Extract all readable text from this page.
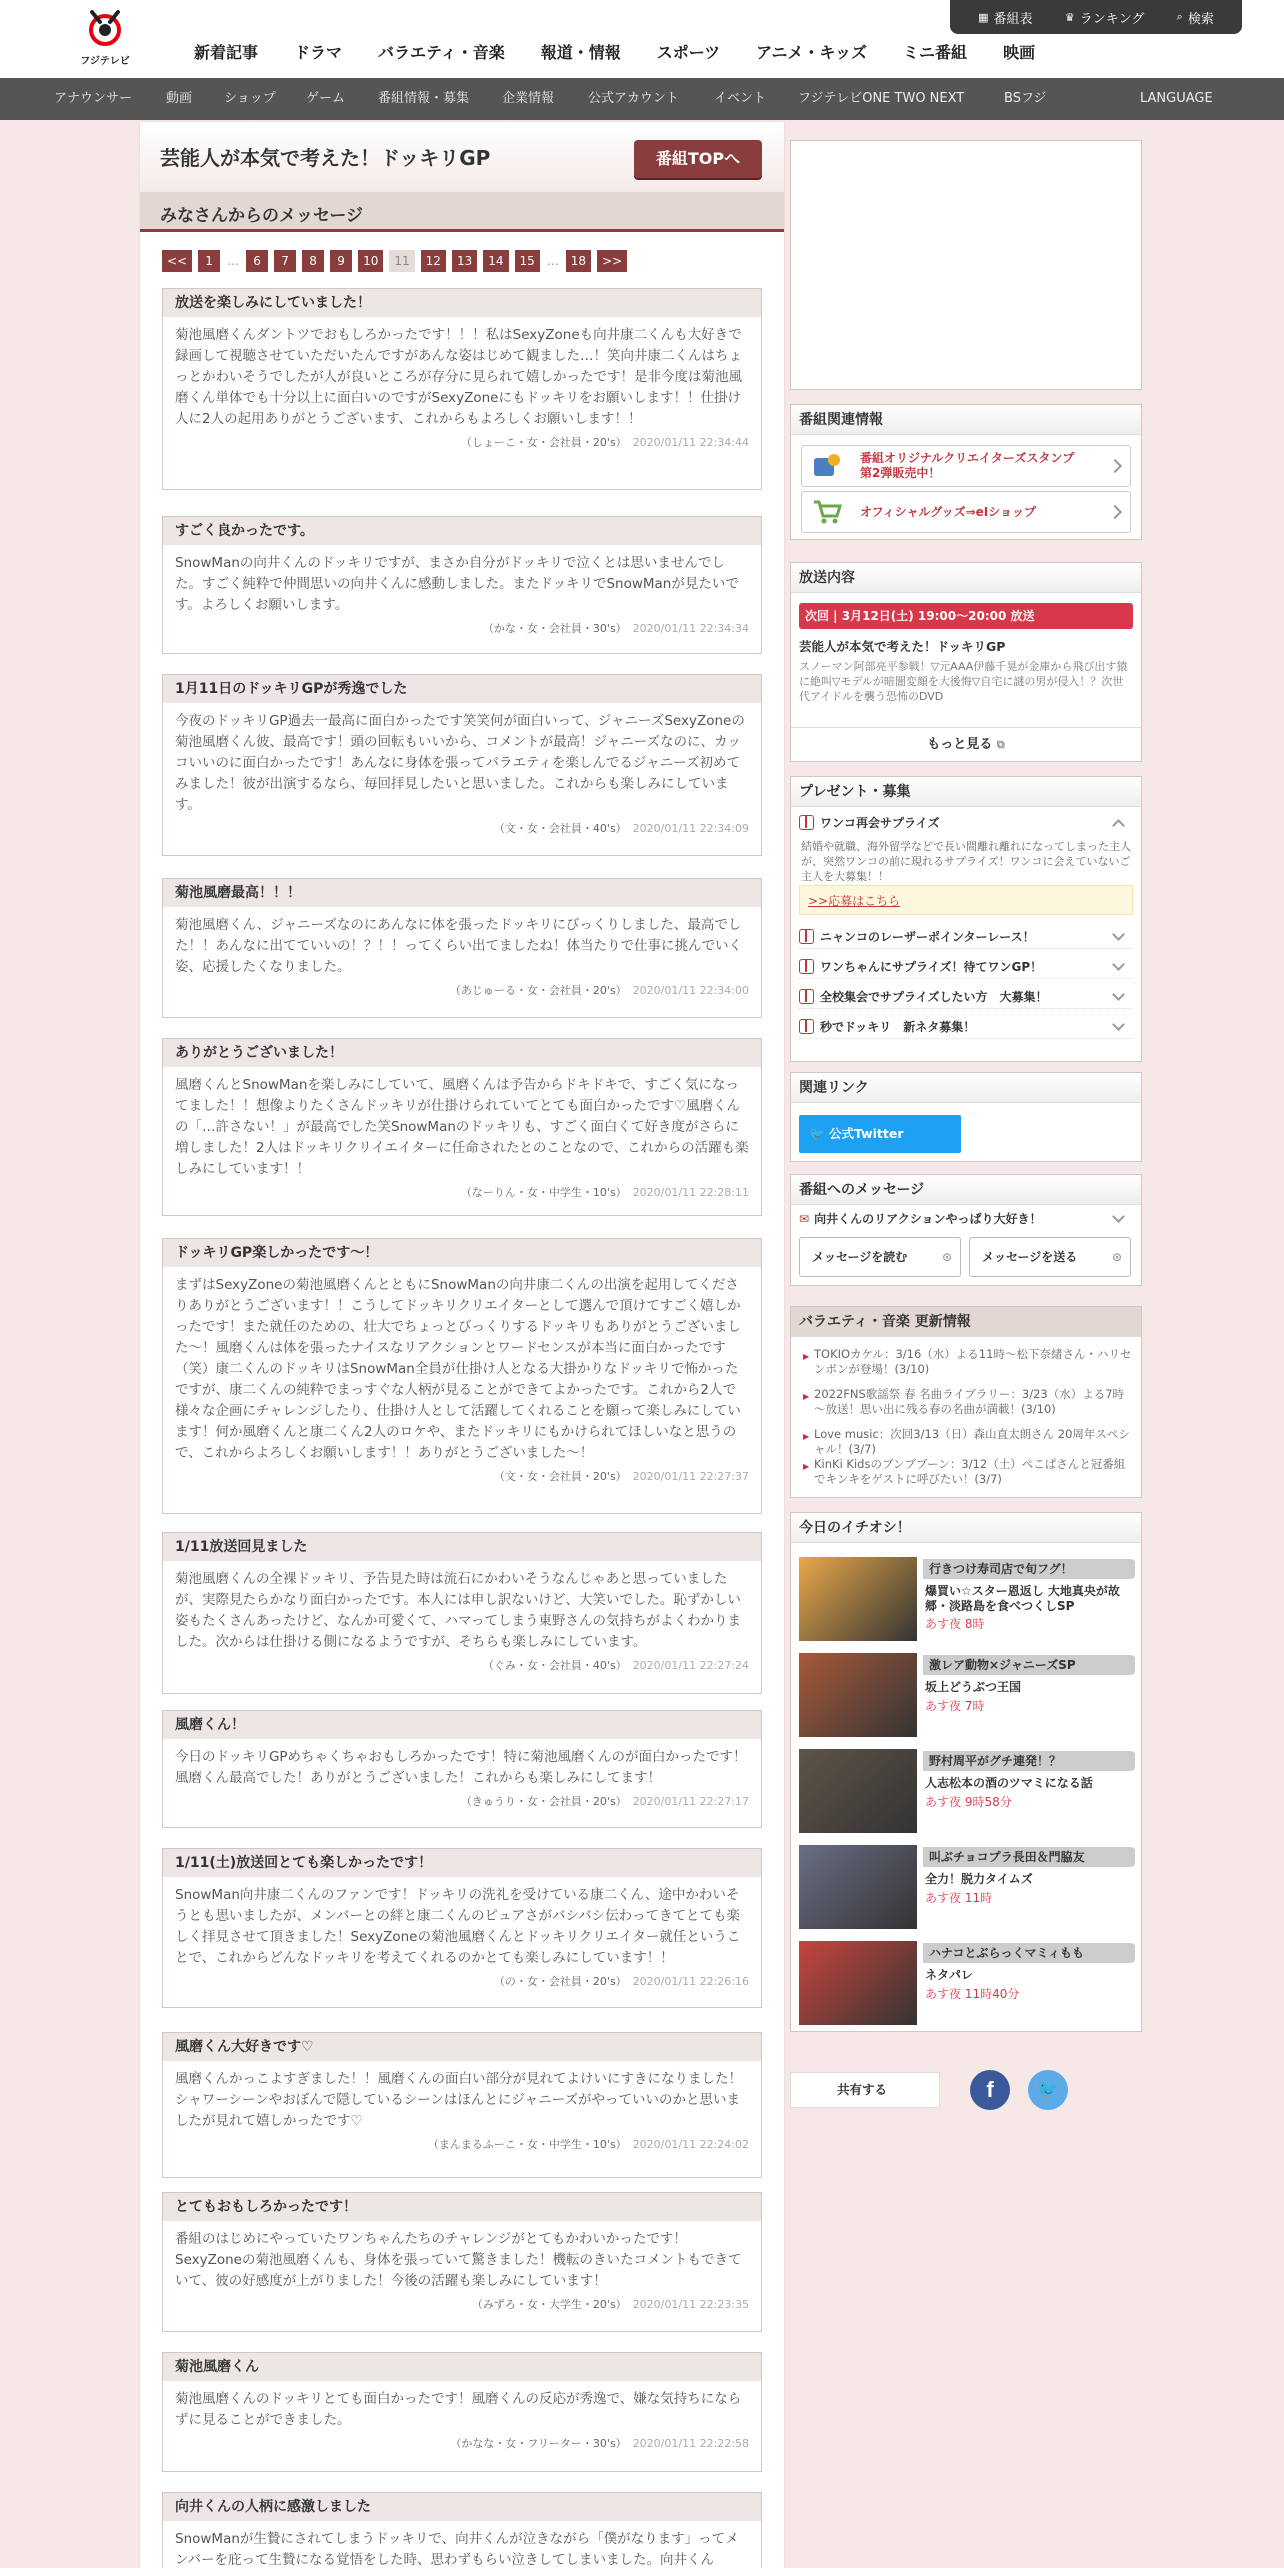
フジテレビ
▦ 番組表	♛ ランキング	⌕ 検索
新着記事	ドラマ	バラエティ・音楽	報道・情報	スポーツ	アニメ・キッズ	ミニ番組	映画
アナウンサー	動画 ショップ ゲーム	番組情報・募集	企業情報	公式アカウント	イベント フジテレビONE TWO NEXT	BSフジ	LANGUAGE
芸能人が本気で考えた！ドッキリGP	番組TOPへ
みなさんからのメッセージ
<<	1	…	6	7	8	9	10	11	12	13	14	15	…	18	>>
放送を楽しみにしていました！
菊池風磨くんダントツでおもしろかったです！！！私はSexyZoneも向井康二くんも大好きで録画して視聴させていただいたんですがあんな姿はじめて観ました…！笑向井康二くんはちょっとかわいそうでしたが人が良いところが存分に見られて嬉しかったです！是非今度は菊池風磨くん単体でも十分以上に面白いのですがSexyZoneにもドッキリをお願いします！！仕掛け人に2人の起用ありがとうございます、これからもよろしくお願いします！！
（しょーこ・女・会社員・20's） 2020/01/11 22:34:44
すごく良かったです。
SnowManの向井くんのドッキリですが、まさか自分がドッキリで泣くとは思いませんでした。すごく純粋で仲間思いの向井くんに感動しました。またドッキリでSnowManが見たいです。よろしくお願いします。
（かな・女・会社員・30's） 2020/01/11 22:34:34
1月11日のドッキリGPが秀逸でした
今夜のドッキリGP過去一最高に面白かったです笑笑何が面白いって、ジャニーズSexyZoneの菊池風磨くん彼、最高です！頭の回転もいいから、コメントが最高！ジャニーズなのに、カッコいいのに面白かったです！あんなに身体を張ってバラエティを楽しんでるジャニーズ初めてみました！彼が出演するなら、毎回拝見したいと思いました。これからも楽しみにしています。
（文・女・会社員・40's） 2020/01/11 22:34:09
菊池風磨最高！！！
菊池風磨くん、ジャニーズなのにあんなに体を張ったドッキリにびっくりしました、最高でした！！あんなに出てていいの！？！！ってくらい出てましたね！体当たりで仕事に挑んでいく姿、応援したくなりました。
（あじゅーる・女・会社員・20's） 2020/01/11 22:34:00
ありがとうございました！
風磨くんとSnowManを楽しみにしていて、風磨くんは予告からドキドキで、すごく気になってました！！想像よりたくさんドッキリが仕掛けられていてとても面白かったです♡風磨くんの「…許さない！」が最高でした笑SnowManのドッキリも、すごく面白くて好き度がさらに増しました！2人はドッキリクリイエイターに任命されたとのことなので、これからの活躍も楽しみにしています！！
（なーりん・女・中学生・10's） 2020/01/11 22:28:11
ドッキリGP楽しかったです～！
まずはSexyZoneの菊池風磨くんとともにSnowManの向井康二くんの出演を起用してくださりありがとうございます！！こうしてドッキリクリエイターとして選んで頂けてすごく嬉しかったです！また就任のための、壮大でちょっとびっくりするドッキリもありがとうございました～！風磨くんは体を張ったナイスなリアクションとワードセンスが本当に面白かったです（笑）康二くんのドッキリはSnowMan全員が仕掛け人となる大掛かりなドッキリで怖かったですが、康二くんの純粋でまっすぐな人柄が見ることができてよかったです。これから2人で様々な企画にチャレンジしたり、仕掛け人として活躍してくれることを願って楽しみにしています！何か風磨くんと康二くん2人のロケや、またドッキリにもかけられてほしいなと思うので、これからよろしくお願いします！！ありがとうございました～！
（文・女・会社員・20's） 2020/01/11 22:27:37
1/11放送回見ました
菊池風磨くんの全裸ドッキリ、予告見た時は流石にかわいそうなんじゃあと思っていましたが、実際見たらかなり面白かったです。本人には申し訳ないけど、大笑いでした。恥ずかしい姿もたくさんあったけど、なんか可愛くて、ハマってしまう東野さんの気持ちがよくわかりました。次からは仕掛ける側になるようですが、そちらも楽しみにしています。
（ぐみ・女・会社員・40's） 2020/01/11 22:27:24
風磨くん！
今日のドッキリGPめちゃくちゃおもしろかったです！特に菊池風磨くんのが面白かったです！風磨くん最高でした！ありがとうございました！これからも楽しみにしてます！
（きゅうり・女・会社員・20's） 2020/01/11 22:27:17
1/11(土)放送回とても楽しかったです！
SnowMan向井康二くんのファンです！ドッキリの洗礼を受けている康二くん、途中かわいそうとも思いましたが、メンバーとの絆と康二くんのピュアさがバシバシ伝わってきてとても楽しく拝見させて頂きました！SexyZoneの菊池風磨くんとドッキリクリエイター就任ということで、これからどんなドッキリを考えてくれるのかとても楽しみにしています！！
（の・女・会社員・20's） 2020/01/11 22:26:16
風磨くん大好きです♡
風磨くんかっこよすぎました！！風磨くんの面白い部分が見れてよけいにすきになりました！シャワーシーンやおぼんで隠しているシーンはほんとにジャニーズがやっていいのかと思いましたが見れて嬉しかったです♡
（まんまるふーこ・女・中学生・10's） 2020/01/11 22:24:02
とてもおもしろかったです！
番組のはじめにやっていたワンちゃんたちのチャレンジがとてもかわいかったです！SexyZoneの菊池風磨くんも、身体を張っていて驚きました！機転のきいたコメントもできていて、彼の好感度が上がりました！今後の活躍も楽しみにしています！
（みずろ・女・大学生・20's） 2020/01/11 22:23:35
菊池風磨くん
菊池風磨くんのドッキリとても面白かったです！風磨くんの反応が秀逸で、嫌な気持ちにならずに見ることができました。
（かなな・女・フリーター・30's） 2020/01/11 22:22:58
向井くんの人柄に感激しました
SnowManが生贄にされてしまうドッキリで、向井くんが泣きながら「僕がなります」ってメンバーを庇って生贄になる覚悟をした時、思わずもらい泣きしてしまいました。向井くん
番組関連情報
番組オリジナルクリエイターズスタンプ 第2弾販売中！
オフィシャルグッズ⇒eIショップ
放送内容
次回 | 3月12日(土) 19:00～20:00 放送
芸能人が本気で考えた！ドッキリGP
スノーマン阿部亮平参戦！▽元AAA伊藤千晃が金庫から飛び出す猿に絶叫▽モデルが暗闇変顔を大後悔▽自宅に謎の男が侵入！？次世代アイドルを襲う恐怖のDVD
もっと見る ⧉
プレゼント・募集
ワンコ再会サプライズ
結婚や就職、海外留学などで長い間離れ離れになってしまった主人が、突然ワンコの前に現れるサプライズ！ワンコに会えていないご主人を大募集！！
>>応募はこちら
ニャンコのレーザーポインターレース！
ワンちゃんにサプライズ！待てワンGP！
全校集会でサプライズしたい方　大募集！
秒でドッキリ　新ネタ募集！
関連リンク
🐦 公式Twitter
番組へのメッセージ
✉ 向井くんのリアクションやっぱり大好き！
メッセージを読む	⊙	メッセージを送る	⊙
バラエティ・音楽 更新情報
▶ TOKIOカケル：3/16（水）よる11時～松下奈緒さん・ハリセンボンが登場！(3/10)
▶ 2022FNS歌謡祭 春 名曲ライブラリー：3/23（水）よる7時～放送！思い出に残る春の名曲が満載！(3/10)
▶ Love music：次回3/13（日）森山直太朗さん 20周年スペシャル！(3/7)
▶ KinKi Kidsのブンブブーン：3/12（土）ぺこぱさんと冠番組でキンキをゲストに呼びたい！(3/7)
今日のイチオシ！
行きつけ寿司店で旬フグ！
爆買い☆スター恩返し 大地真央が故郷・淡路島を食べつくしSP
あす夜 8時
激レア動物×ジャニーズSP
坂上どうぶつ王国
あす夜 7時
野村周平がグチ連発！？
人志松本の酒のツマミになる話
あす夜 9時58分
叫ぶチョコプラ長田＆門脇友
全力！脱力タイムズ
あす夜 11時
ハナコとぶらっくマミィもも
ネタパレ
あす夜 11時40分
共有する	f	🐦
